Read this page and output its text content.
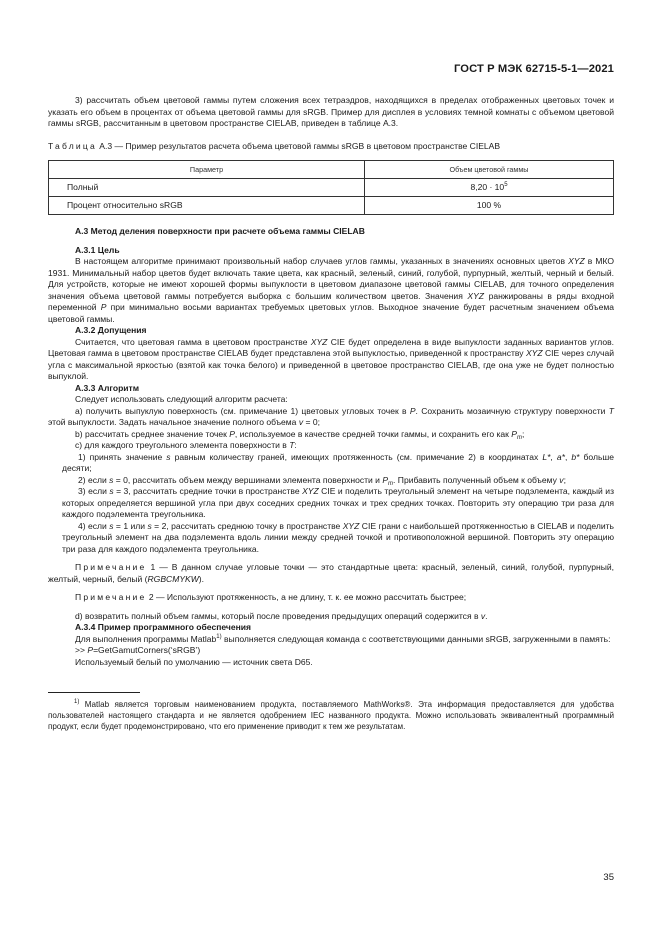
ГОСТ Р МЭК 62715-5-1—2021

3) рассчитать объем цветовой гаммы путем сложения всех тетраэдров, находящихся в пределах отображенных цветовых точек и указать его объем в процентах от объема цветовой гаммы для sRGB. Пример для дисплея в условиях темной комнаты с объемом цветовой гаммы sRGB, рассчитанным в цветовом пространстве CIELAB, приведен в таблице А.3.

Таблица А.3 — Пример результатов расчета объема цветовой гаммы sRGB в цветовом пространстве CIELAB

Параметр	Объем цветовой гаммы
Полный	$8,20 \cdot 10^5$
Процент относительно sRGB	100 %

А.3 Метод деления поверхности при расчете объема гаммы CIELAB

А.3.1 Цель

В настоящем алгоритме принимают произвольный набор случаев углов гаммы, указанных в значениях основных цветов XYZ в МКО 1931. Минимальный набор цветов будет включать такие цвета, как красный, зеленый, синий, голубой, пурпурный, желтый, черный и белый. Для устройств, которые не имеют хорошей формы выпуклости в цветовом диапазоне цветовой гаммы CIELAB, для точного определения значения объема цветовой гаммы потребуется выборка с большим количеством цветов. Значения XYZ ранжированы в ряды входной переменной P при минимально восьми вариантах требуемых цветовых углов. Выходное значение будет расчетным значением объема цветовой гаммы.

А.3.2 Допущения

Считается, что цветовая гамма в цветовом пространстве XYZ CIE будет определена в виде выпуклости заданных вариантов углов. Цветовая гамма в цветовом пространстве CIELAB будет представлена этой выпуклостью, приведенной к пространству XYZ CIE через случай угла с максимальной яркостью (взятой как точка белого) и приведенной в цветовое пространство CIELAB, где она уже не будет полностью выпуклой.

А.3.3 Алгоритм

Следует использовать следующий алгоритм расчета:

а) получить выпуклую поверхность (см. примечание 1) цветовых угловых точек в P. Сохранить мозаичную структуру поверхности T этой выпуклости. Задать начальное значение полного объема v = 0;

b) рассчитать среднее значение точек P, используемое в качестве средней точки гаммы, и сохранить его как $P_m$;

c) для каждого треугольного элемента поверхности в T:

1) принять значение s равным количеству граней, имеющих протяженность (см. примечание 2) в координатах L*, a*, b* больше десяти;

2) если s = 0, рассчитать объем между вершинами элемента поверхности и $P_m$. Прибавить полученный объем к объему v;

3) если s = 3, рассчитать средние точки в пространстве XYZ CIE и поделить треугольный элемент на четыре подэлемента, каждый из которых определяется вершиной угла при двух соседних средних точках и трех средних точках. Повторить эту операцию три раза для каждого подэлемента треугольника.

4) если s = 1 или s = 2, рассчитать среднюю точку в пространстве XYZ CIE грани с наибольшей протяженностью в CIELAB и поделить треугольный элемент на два подэлемента вдоль линии между средней точкой и противоположной вершиной. Повторить эту операцию три раза для каждого подэлемента треугольника.

Примечание 1 — В данном случае угловые точки — это стандартные цвета: красный, зеленый, синий, голубой, пурпурный, желтый, черный, белый (RGBCMYKW).

Примечание 2 — Используют протяженность, а не длину, т. к. ее можно рассчитать быстрее;

d) возвратить полный объем гаммы, который после проведения предыдущих операций содержится в v.

А.3.4 Пример программного обеспечения

Для выполнения программы Matlab$^{1)}$ выполняется следующая команда с соответствующими данными sRGB, загруженными в память:

>> P=GetGamutCorners(‘sRGB’)

Используемый белый по умолчанию — источник света D65.

$^{1)}$ Matlab является торговым наименованием продукта, поставляемого MathWorks®. Эта информация предоставляется для удобства пользователей настоящего стандарта и не является одобрением IEC названного продукта. Можно использовать эквивалентный программный продукт, если будет продемонстрировано, что его применение приводит к тем же результатам.

35
